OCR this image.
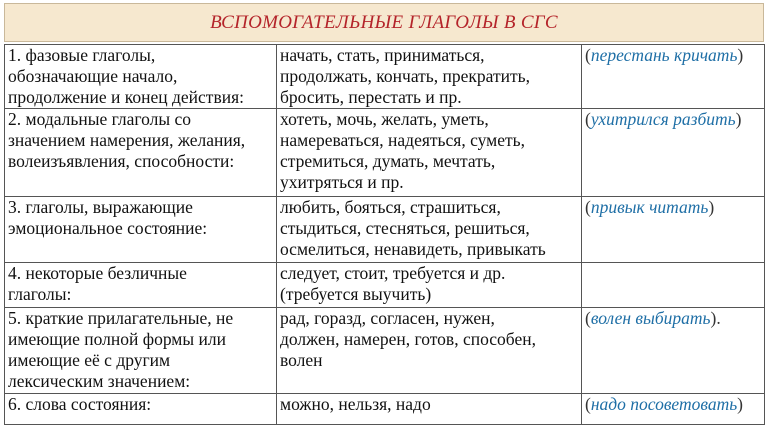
ВСПОМОГАТЕЛЬНЫЕ ГЛАГОЛЫ В СГС
1. фазовые глаголы,
обозначающие начало,
продолжение и конец действия:	начать, стать, приниматься,
продолжать, кончать, прекратить,
бросить, перестать и пр.	(перестань кричать)

2. модальные глаголы со
значением намерения, желания,
волеизъявления, способности:	хотеть, мочь, желать, уметь,
намереваться, надеяться, суметь,
стремиться, думать, мечтать,
ухитряться и пр.	(ухитрился разбить)

3. глаголы, выражающие
эмоциональное состояние:	любить, бояться, страшиться,
стыдиться, стесняться, решиться,
осмелиться, ненавидеть, привыкать	(привык читать)

4. некоторые безличные
глаголы:	следует, стоит, требуется и др.
(требуется выучить)	

5. краткие прилагательные, не
имеющие полной формы или
имеющие её с другим
лексическим значением:	рад, горазд, согласен, нужен,
должен, намерен, готов, способен,
волен	(волен выбирать).

6. слова состояния:	можно, нельзя, надо	(надо посоветовать)
